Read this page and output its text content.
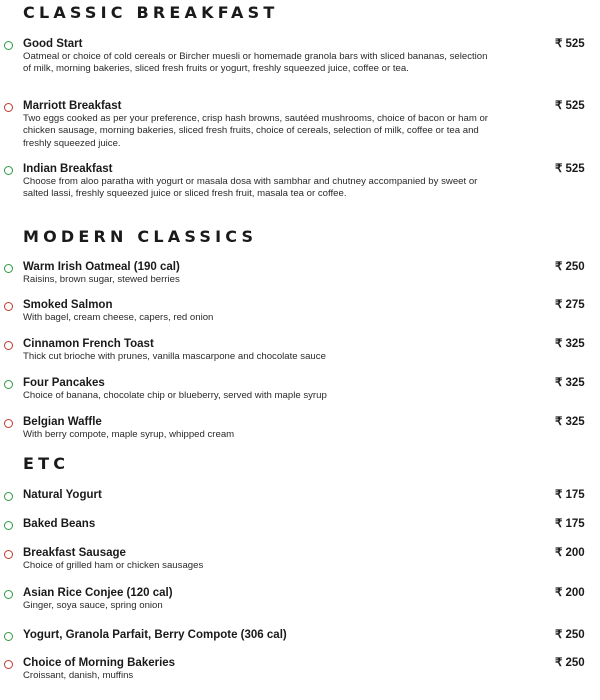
CLASSIC BREAKFAST

Good Start

Oatmeal or choice of cold cereals or Bircher muesli or homemade granola bars with sliced bananas, selection of milk, morning bakeries, sliced fresh fruits or yogurt, freshly squeezed juice, coffee or tea.

₹ 525

Marriott Breakfast

Two eggs cooked as per your preference, crisp hash browns, sautéed mushrooms, choice of bacon or ham or chicken sausage, morning bakeries, sliced fresh fruits, choice of cereals, selection of milk, coffee or tea and freshly squeezed juice.

₹ 525

Indian Breakfast

Choose from aloo paratha with yogurt or masala dosa with sambhar and chutney accompanied by sweet or salted lassi, freshly squeezed juice or sliced fresh fruit, masala tea or coffee.

₹ 525

MODERN CLASSICS

Warm Irish Oatmeal (190 cal)

Raisins, brown sugar, stewed berries

₹ 250

Smoked Salmon

With bagel, cream cheese, capers, red onion

₹ 275

Cinnamon French Toast

Thick cut brioche with prunes, vanilla mascarpone and chocolate sauce

₹ 325

Four Pancakes

Choice of banana, chocolate chip or blueberry, served with maple syrup

₹ 325

Belgian Waffle

With berry compote, maple syrup, whipped cream

₹ 325

ETC

Natural Yogurt	₹ 175

Baked Beans	₹ 175

Breakfast Sausage

Choice of grilled ham or chicken sausages

₹ 200

Asian Rice Conjee (120 cal)

Ginger, soya sauce, spring onion

₹ 200

Yogurt, Granola Parfait, Berry Compote (306 cal)	₹ 250

Choice of Morning Bakeries

Croissant, danish, muffins

₹ 250
